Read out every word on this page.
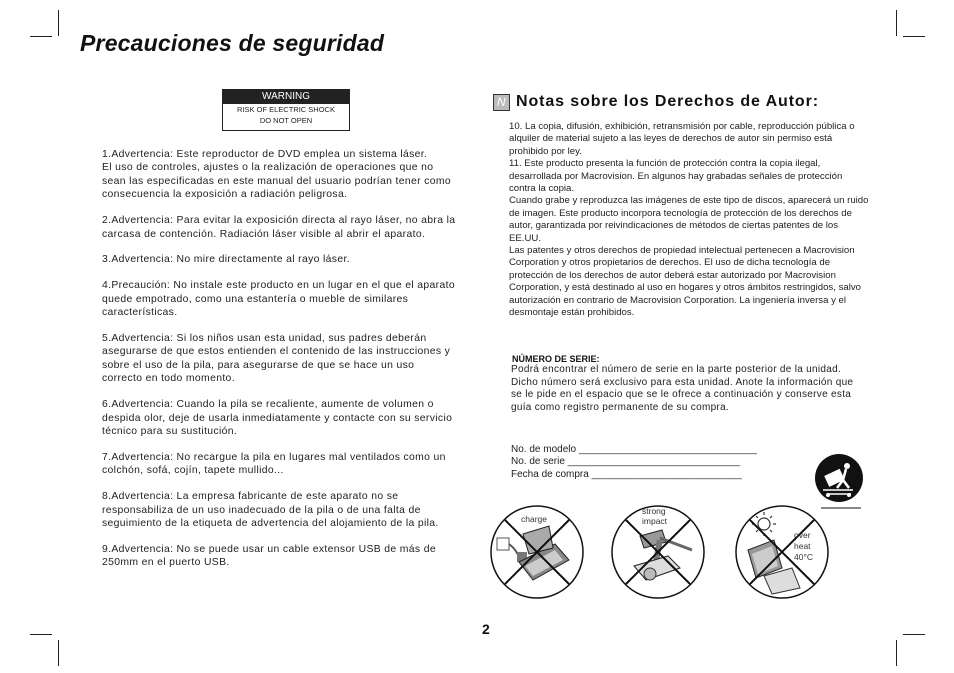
Precauciones de seguridad
WARNING
RISK OF ELECTRIC SHOCK
DO NOT OPEN

1.Advertencia: Este reproductor de DVD emplea un sistema láser.
El uso de controles, ajustes o la realización de operaciones que no sean las especificadas en este manual del usuario podrían tener como consecuencia la exposición a radiación peligrosa.

2.Advertencia: Para evitar la exposición directa al rayo láser, no abra la carcasa de contención. Radiación láser visible al abrir el aparato.

3.Advertencia: No mire directamente al rayo láser.

4.Precaución: No instale este producto en un lugar en el que el aparato quede empotrado, como una estantería o mueble de similares características.

5.Advertencia: Si los niños usan esta unidad, sus padres deberán asegurarse de que estos entienden el contenido de las instrucciones y sobre el uso de la pila, para asegurarse de que se hace un uso correcto en todo momento.

6.Advertencia: Cuando la pila se recaliente, aumente de volumen o despida olor, deje de usarla inmediatamente y contacte con su servicio técnico para su sustitución.

7.Advertencia: No recargue la pila en lugares mal ventilados como un colchón, sofá, cojín, tapete mullido...

8.Advertencia: La empresa fabricante de este aparato no se responsabiliza de un uso inadecuado de la pila o de una falta de seguimiento de la etiqueta de advertencia del alojamiento de la pila.

9.Advertencia: No se puede usar un cable extensor USB de más de 250mm en el puerto USB.

N Notas sobre los Derechos de Autor:

10. La copia, difusión, exhibición, retransmisión por cable, reproducción pública o alquiler de material sujeto a las leyes de derechos de autor sin permiso está prohibido por ley.

11. Este producto presenta la función de protección contra la copia ilegal, desarrollada por Macrovision. En algunos hay grabadas señales de protección contra la copia.

Cuando grabe y reproduzca las imágenes de este tipo de discos, aparecerá un ruido de imagen. Este producto incorpora tecnología de protección de los derechos de autor, garantizada por reivindicaciones de métodos de ciertas patentes de los EE.UU.

Las patentes y otros derechos de propiedad intelectual pertenecen a Macrovision Corporation y otros propietarios de derechos. El uso de dicha tecnología de protección de los derechos de autor deberá estar autorizado por Macrovision Corporation, y está destinado al uso en hogares y otros ámbitos restringidos, salvo autorización en contrario de Macrovision Corporation. La ingeniería inversa y el desmontaje están prohibidos.

NÚMERO DE SERIE:
Podrá encontrar el número de serie en la parte posterior de la unidad. Dicho número será exclusivo para esta unidad. Anote la información que se le pide en el espacio que se le ofrece a continuación y conserve esta guía como registro permanente de su compra.
No. de modelo ________________________________
No. de serie _______________________________
Fecha de compra ___________________________
charge
strong
impact
over
heat
40°C
2
